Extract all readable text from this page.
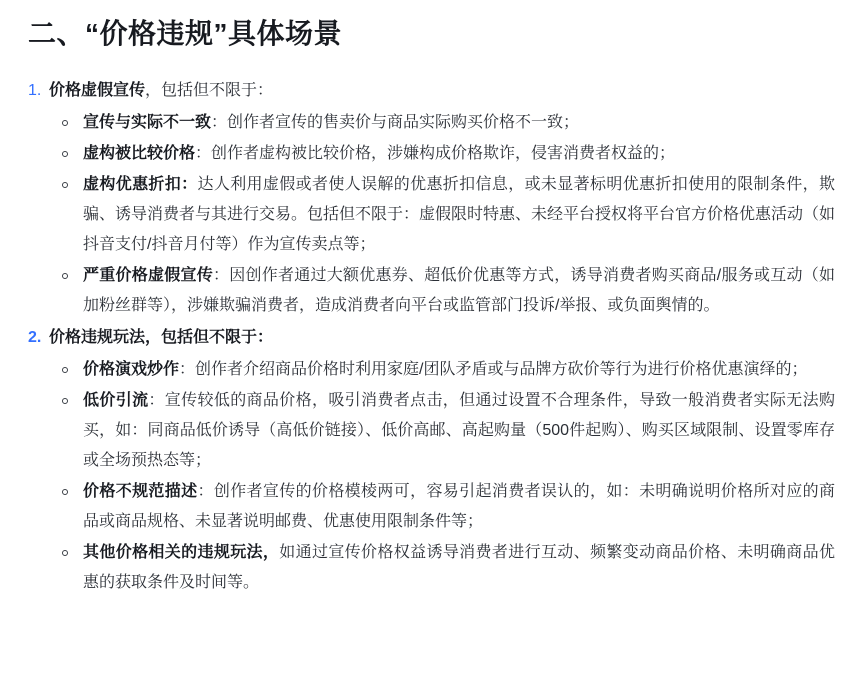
二、“价格违规”具体场景
1. 价格虚假宣传，包括但不限于：

宣传与实际不一致：创作者宣传的售卖价与商品实际购买价格不一致；

虚构被比较价格：创作者虚构被比较价格，涉嫌构成价格欺诈，侵害消费者权益的；

虚构优惠折扣：达人利用虚假或者使人误解的优惠折扣信息，或未显著标明优惠折扣使用的限制条件，欺骗、诱导消费者与其进行交易。包括但不限于：虚假限时特惠、未经平台授权将平台官方价格优惠活动（如抖音支付/抖音月付等）作为宣传卖点等；

严重价格虚假宣传：因创作者通过大额优惠券、超低价优惠等方式，诱导消费者购买商品/服务或互动（如加粉丝群等），涉嫌欺骗消费者，造成消费者向平台或监管部门投诉/举报、或负面舆情的。

2. 价格违规玩法，包括但不限于：

价格演戏炒作：创作者介绍商品价格时利用家庭/团队矛盾或与品牌方砍价等行为进行价格优惠演绎的；

低价引流：宣传较低的商品价格，吸引消费者点击，但通过设置不合理条件，导致一般消费者实际无法购买，如：同商品低价诱导（高低价链接）、低价高邮、高起购量（500件起购）、购买区域限制、设置零库存或全场预热态等；

价格不规范描述：创作者宣传的价格模棱两可，容易引起消费者误认的，如：未明确说明价格所对应的商品或商品规格、未显著说明邮费、优惠使用限制条件等；

其他价格相关的违规玩法，如通过宣传价格权益诱导消费者进行互动、频繁变动商品价格、未明确商品优惠的获取条件及时间等。
